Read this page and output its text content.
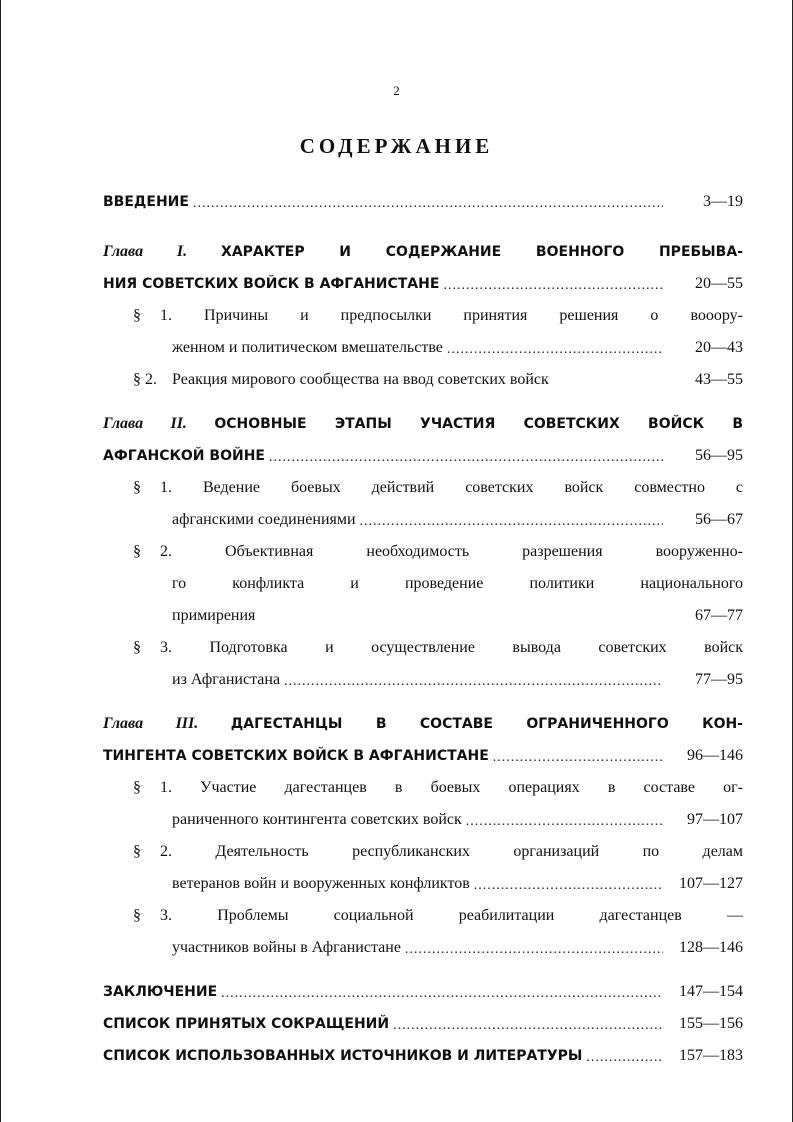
2
СОДЕРЖАНИЕ
ВВЕДЕНИЕ .....	3—19
Глава I. ХАРАКТЕР И СОДЕРЖАНИЕ ВОЕННОГО ПРЕБЫВА-
НИЯ СОВЕТСКИХ ВОЙСК В АФГАНИСТАНЕ .....	20—55
§ 1. Причины и предпосылки принятия решения о вооору-
женном и политическом вмешательстве .....	20—43
§ 2. Реакция мирового сообщества на ввод советских войск	43—55
Глава II. ОСНОВНЫЕ ЭТАПЫ УЧАСТИЯ СОВЕТСКИХ ВОЙСК В
АФГАНСКОЙ ВОЙНЕ .....	56—95
§ 1. Ведение боевых действий советских войск совместно с
афганскими соединениями .....	56—67
§ 2.	Объективная необходимость разрешения вооруженно-
го конфликта и проведение политики национального
примирения	67—77
§ 3. Подготовка и осуществление вывода советских войск
из Афганистана .....	77—95
Глава III. ДАГЕСТАНЦЫ В СОСТАВЕ ОГРАНИЧЕННОГО КОН-
ТИНГЕНТА СОВЕТСКИХ ВОЙСК В АФГАНИСТАНЕ .....	96—146
§ 1. Участие дагестанцев в боевых операциях в составе ог-
раниченного контингента советских войск .....	97—107
§ 2.	Деятельность республиканских организаций по делам
ветеранов войн и вооруженных конфликтов .....	107—127
§ 3.	Проблемы социальной реабилитации дагестанцев —
участников войны в Афганистане .....	128—146
ЗАКЛЮЧЕНИЕ .....	147—154
СПИСОК ПРИНЯТЫХ СОКРАЩЕНИЙ .....	155—156
СПИСОК ИСПОЛЬЗОВАННЫХ ИСТОЧНИКОВ И ЛИТЕРАТУРЫ .....	157—183
